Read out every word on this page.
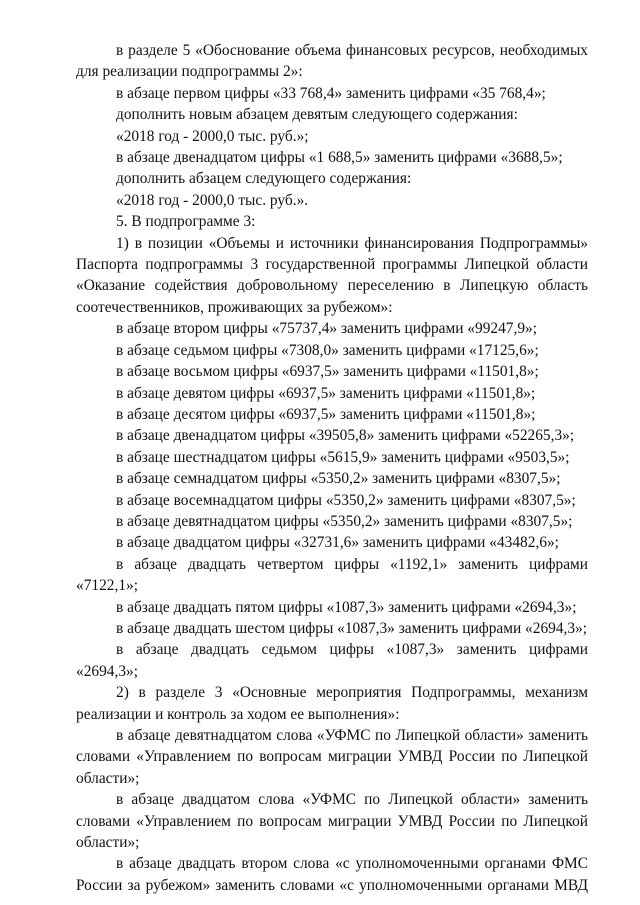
в разделе 5 «Обоснование объема финансовых ресурсов, необходимых для реализации подпрограммы 2»:

в абзаце первом цифры «33 768,4» заменить цифрами «35 768,4»;

дополнить новым абзацем девятым следующего содержания:

«2018 год - 2000,0 тыс. руб.»;

в абзаце двенадцатом цифры «1 688,5» заменить цифрами «3688,5»;

дополнить абзацем следующего содержания:

«2018 год - 2000,0 тыс. руб.».

5. В подпрограмме 3:

1) в позиции «Объемы и источники финансирования Подпрограммы» Паспорта подпрограммы 3 государственной программы Липецкой области «Оказание содействия добровольному переселению в Липецкую область соотечественников, проживающих за рубежом»:

в абзаце втором цифры «75737,4» заменить цифрами «99247,9»;

в абзаце седьмом цифры «7308,0» заменить цифрами «17125,6»;

в абзаце восьмом цифры «6937,5» заменить цифрами «11501,8»;

в абзаце девятом цифры «6937,5» заменить цифрами «11501,8»;

в абзаце десятом цифры «6937,5» заменить цифрами «11501,8»;

в абзаце двенадцатом цифры «39505,8» заменить цифрами «52265,3»;

в абзаце шестнадцатом цифры «5615,9» заменить цифрами «9503,5»;

в абзаце семнадцатом цифры «5350,2» заменить цифрами «8307,5»;

в абзаце восемнадцатом цифры «5350,2» заменить цифрами «8307,5»;

в абзаце девятнадцатом цифры «5350,2» заменить цифрами «8307,5»;

в абзаце двадцатом цифры «32731,6» заменить цифрами «43482,6»;

в абзаце двадцать четвертом цифры «1192,1» заменить цифрами «7122,1»;

в абзаце двадцать пятом цифры «1087,3» заменить цифрами «2694,3»;

в абзаце двадцать шестом цифры «1087,3» заменить цифрами «2694,3»;

в абзаце двадцать седьмом цифры «1087,3» заменить цифрами «2694,3»;

2) в разделе 3 «Основные мероприятия Подпрограммы, механизм реализации и контроль за ходом ее выполнения»:

в абзаце девятнадцатом слова «УФМС по Липецкой области» заменить словами «Управлением по вопросам миграции УМВД России по Липецкой области»;

в абзаце двадцатом слова «УФМС по Липецкой области» заменить словами «Управлением по вопросам миграции УМВД России по Липецкой области»;

в абзаце двадцать втором слова «с уполномоченными органами ФМС России за рубежом» заменить словами «с уполномоченными органами МВД
